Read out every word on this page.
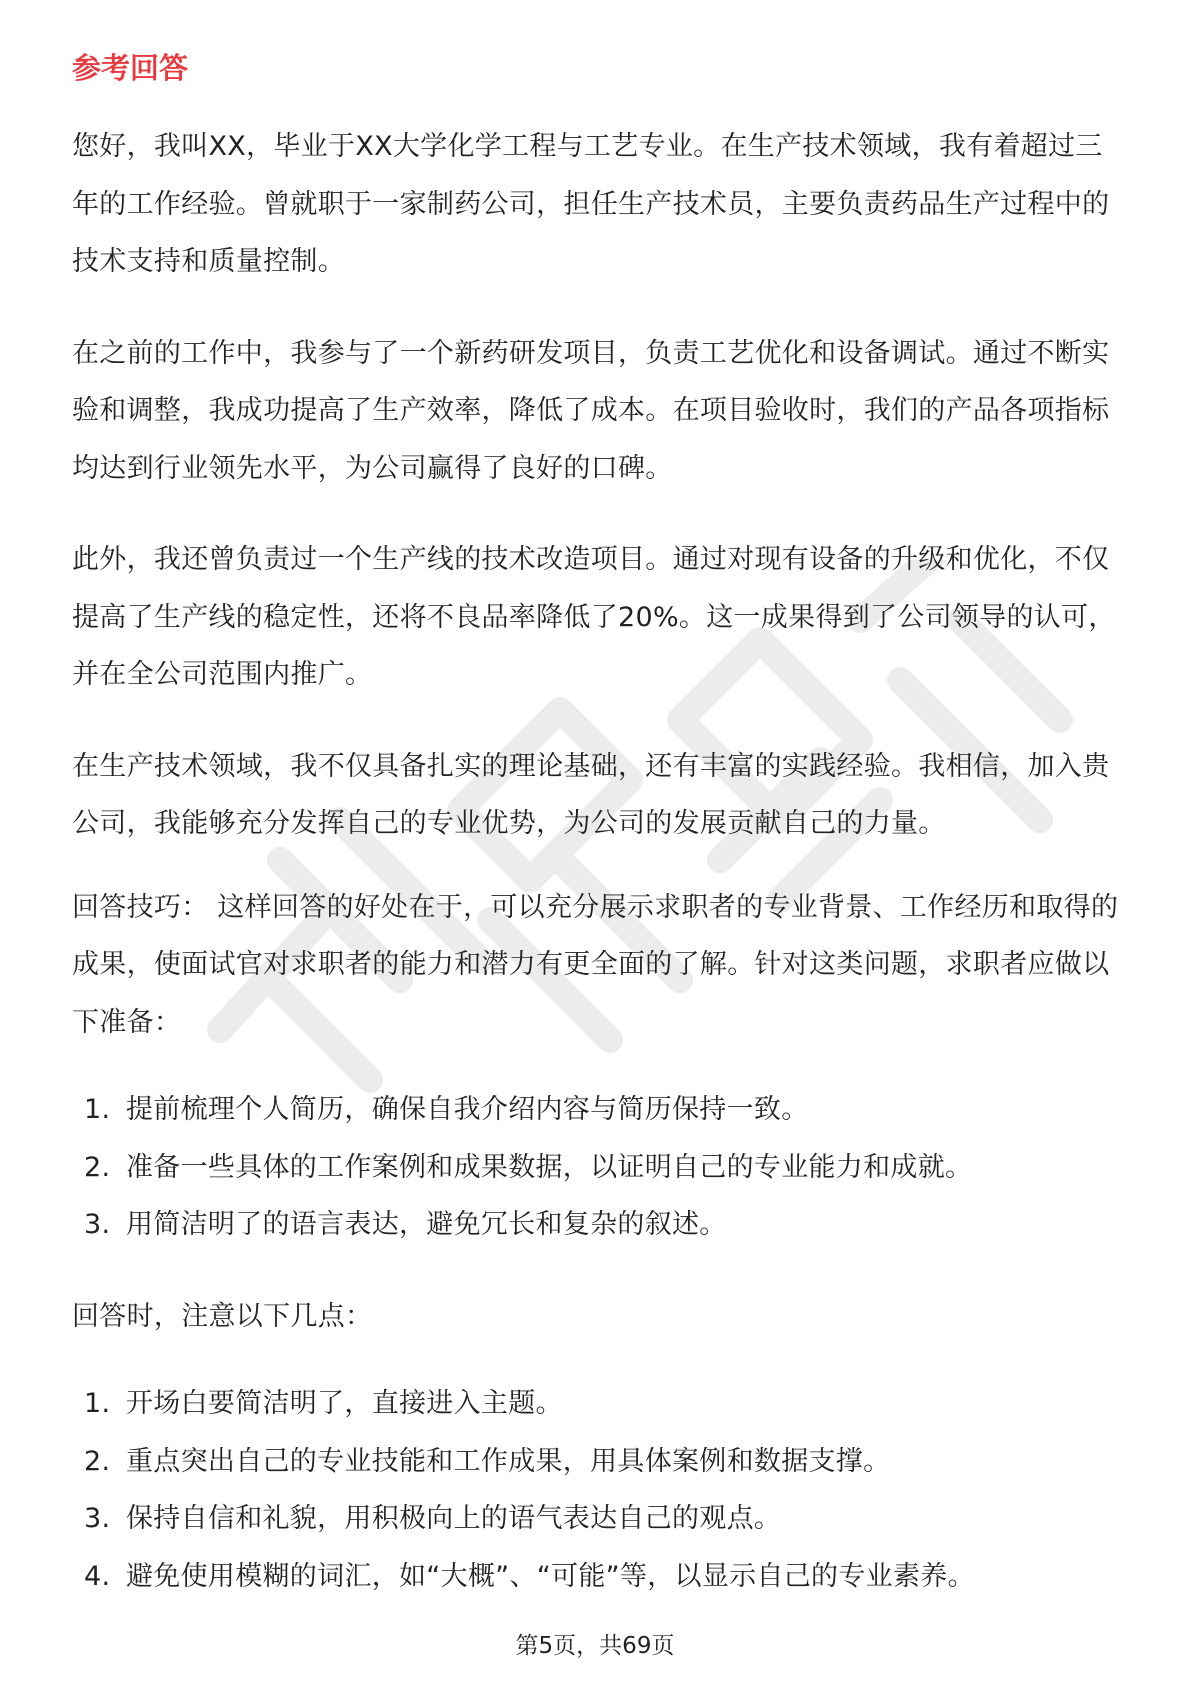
参考回答

您好，我叫XX，毕业于XX大学化学工程与工艺专业。在生产技术领域，我有着超过三年的工作经验。曾就职于一家制药公司，担任生产技术员，主要负责药品生产过程中的技术支持和质量控制。

在之前的工作中，我参与了一个新药研发项目，负责工艺优化和设备调试。通过不断实验和调整，我成功提高了生产效率，降低了成本。在项目验收时，我们的产品各项指标均达到行业领先水平，为公司赢得了良好的口碑。

此外，我还曾负责过一个生产线的技术改造项目。通过对现有设备的升级和优化，不仅提高了生产线的稳定性，还将不良品率降低了20%。这一成果得到了公司领导的认可，并在全公司范围内推广。

在生产技术领域，我不仅具备扎实的理论基础，还有丰富的实践经验。我相信，加入贵公司，我能够充分发挥自己的专业优势，为公司的发展贡献自己的力量。

回答技巧： 这样回答的好处在于，可以充分展示求职者的专业背景、工作经历和取得的成果，使面试官对求职者的能力和潜力有更全面的了解。针对这类问题，求职者应做以下准备：

1. 提前梳理个人简历，确保自我介绍内容与简历保持一致。
2. 准备一些具体的工作案例和成果数据，以证明自己的专业能力和成就。
3. 用简洁明了的语言表达，避免冗长和复杂的叙述。

回答时，注意以下几点：

1. 开场白要简洁明了，直接进入主题。
2. 重点突出自己的专业技能和工作成果，用具体案例和数据支撑。
3. 保持自信和礼貌，用积极向上的语气表达自己的观点。
4. 避免使用模糊的词汇，如“大概”、“可能”等，以显示自己的专业素养。
第5页，共69页
